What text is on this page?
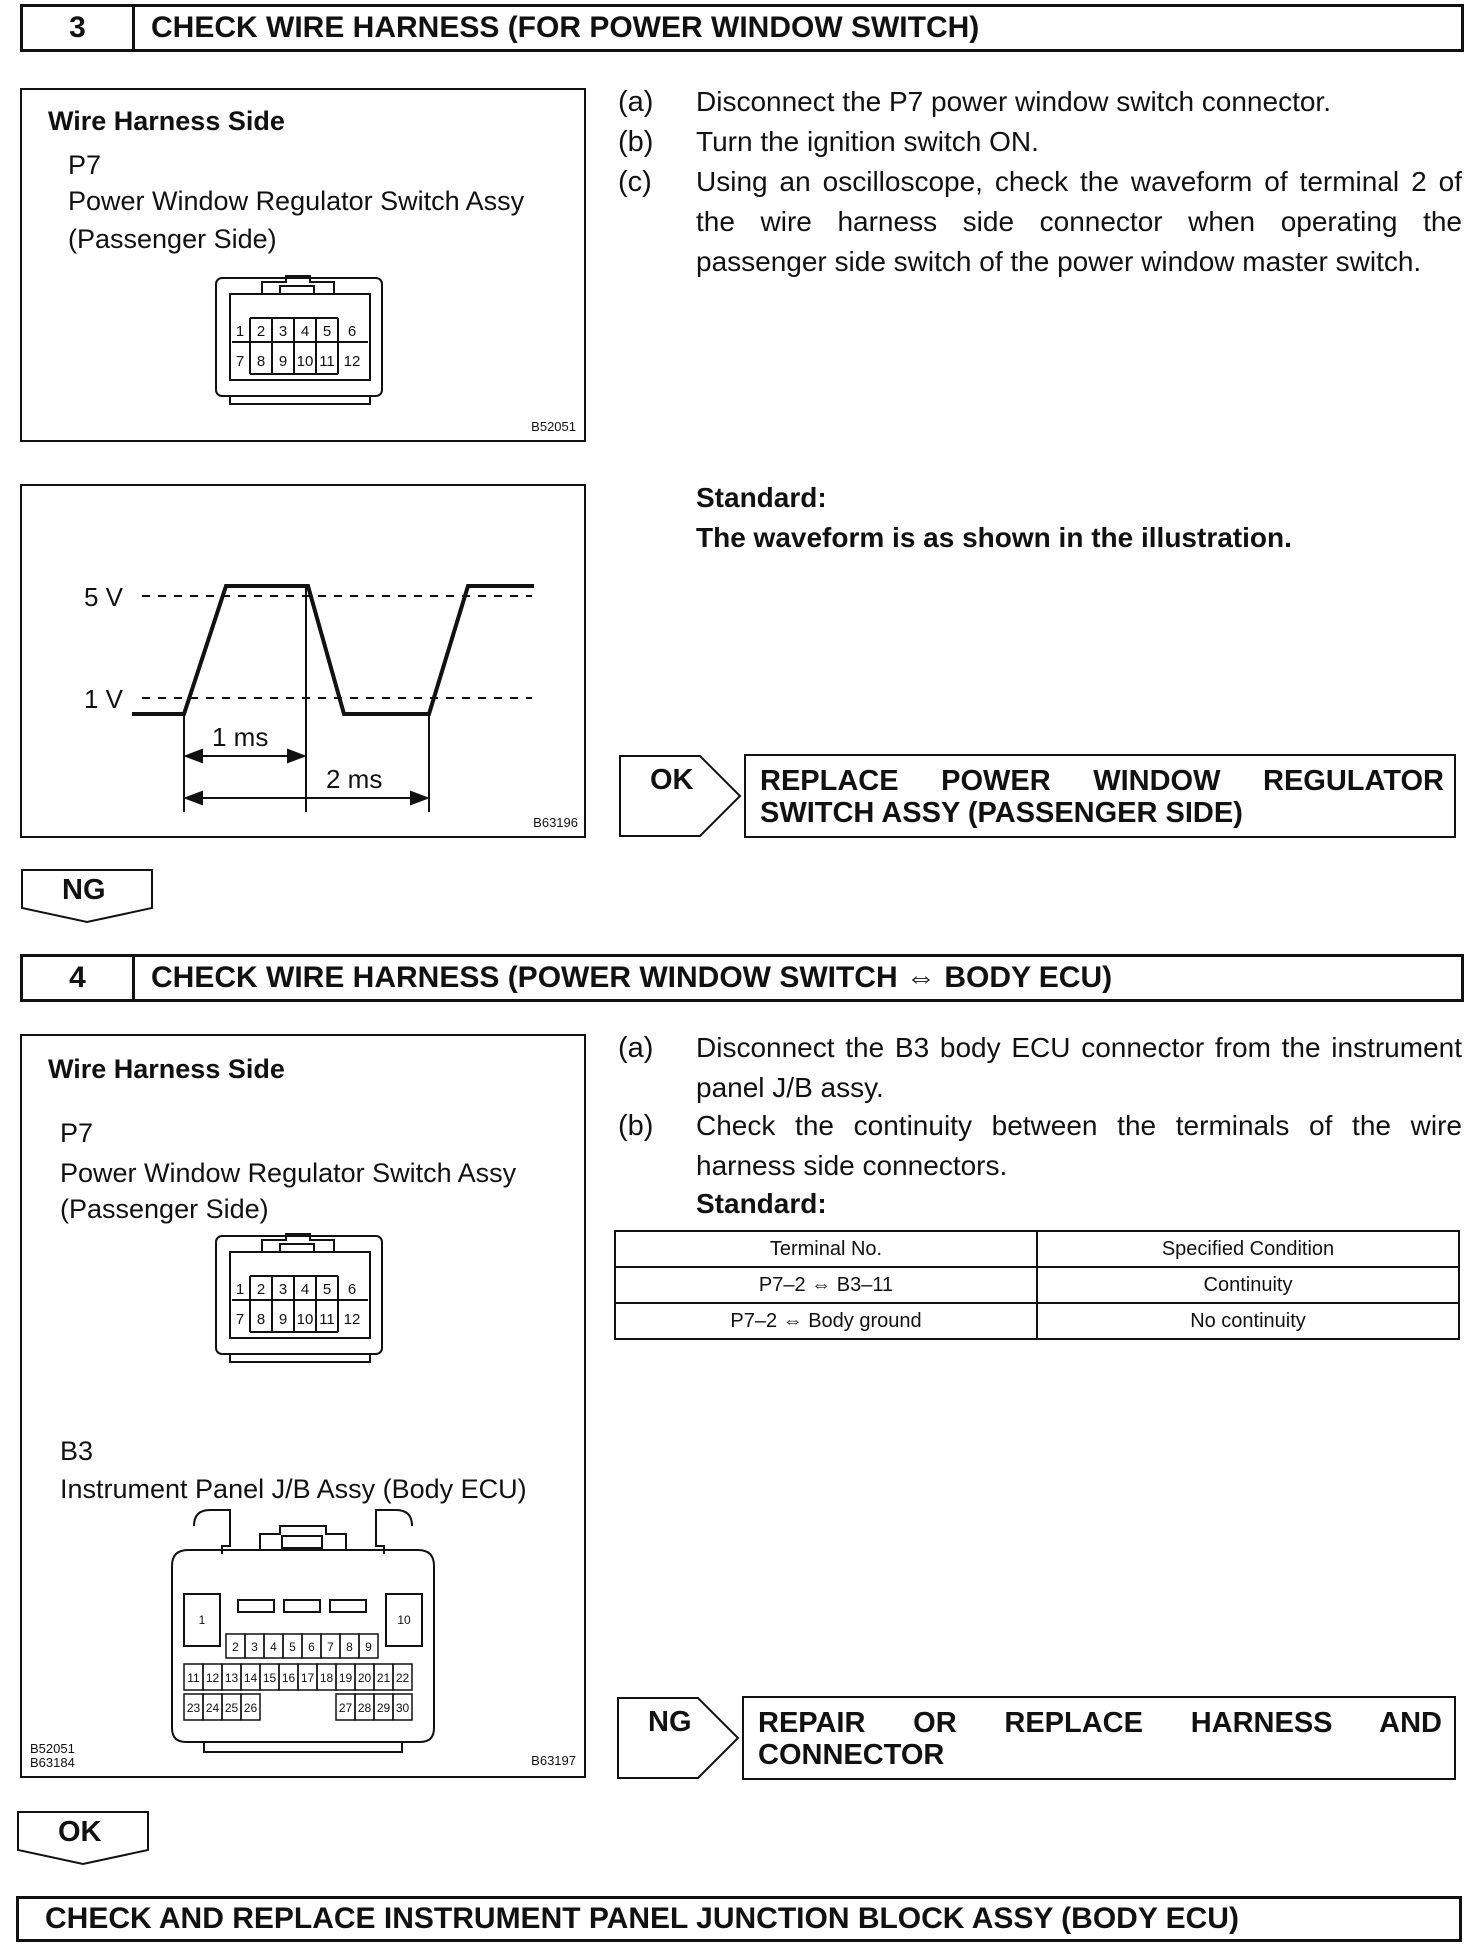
3	CHECK WIRE HARNESS (FOR POWER WINDOW SWITCH)
Wire Harness Side
P7
Power Window Regulator Switch Assy
(Passenger Side)
1 2 3 4 5 6
7 8 9 10 11 12
B52051
(a) Disconnect the P7 power window switch connector.
(b) Turn the ignition switch ON.
(c) Using an oscilloscope, check the waveform of terminal 2 of the wire harness side connector when operating the passenger side switch of the power window master switch.
5 V
1 V
1 ms
2 ms
B63196
Standard:
The waveform is as shown in the illustration.
OK REPLACE POWER WINDOW REGULATOR
SWITCH ASSY (PASSENGER SIDE)
NG
4	CHECK WIRE HARNESS (POWER WINDOW SWITCH
⇔
BODY ECU)
Wire Harness Side
P7
Power Window Regulator Switch Assy
(Passenger Side)
1 2 3 4 5 6
7 8 9 10 11 12
B3
Instrument Panel J/B Assy (Body ECU)
1	10
2 3 4 5 6 7 8 9
11 12 13 14 15 16 17 18 19 20 21 22
23 24 25 26	27 28 29 30
B52051
B63184	B63197
(a) Disconnect the B3 body ECU connector from the instrument panel J/B assy.
(b) Check the continuity between the terminals of the wire harness side connectors.
Standard:
Terminal No.	Specified Condition
P7–2 ⇔ B3–11	Continuity
P7–2 ⇔ Body ground	No continuity
NG REPAIR OR REPLACE HARNESS AND
CONNECTOR
OK
CHECK AND REPLACE INSTRUMENT PANEL JUNCTION BLOCK ASSY (BODY ECU)
